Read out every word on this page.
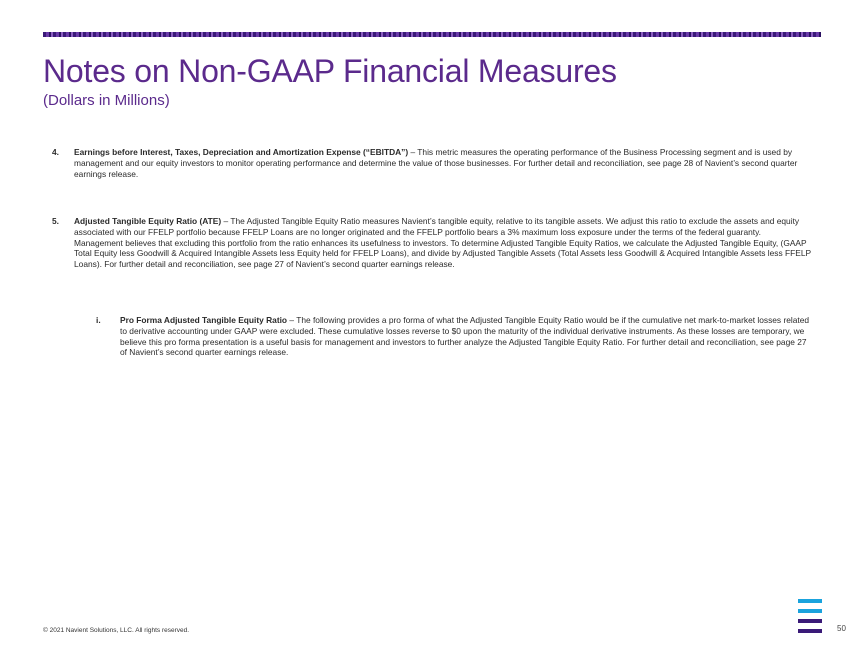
Notes on Non-GAAP Financial Measures
(Dollars in Millions)
4. Earnings before Interest, Taxes, Depreciation and Amortization Expense (“EBITDA”) – This metric measures the operating performance of the Business Processing segment and is used by management and our equity investors to monitor operating performance and determine the value of those businesses. For further detail and reconciliation, see page 28 of Navient’s second quarter earnings release.
5. Adjusted Tangible Equity Ratio (ATE) – The Adjusted Tangible Equity Ratio measures Navient’s tangible equity, relative to its tangible assets. We adjust this ratio to exclude the assets and equity associated with our FFELP portfolio because FFELP Loans are no longer originated and the FFELP portfolio bears a 3% maximum loss exposure under the terms of the federal guaranty. Management believes that excluding this portfolio from the ratio enhances its usefulness to investors. To determine Adjusted Tangible Equity Ratios, we calculate the Adjusted Tangible Equity, (GAAP Total Equity less Goodwill & Acquired Intangible Assets less Equity held for FFELP Loans), and divide by Adjusted Tangible Assets (Total Assets less Goodwill & Acquired Intangible Assets less FFELP Loans). For further detail and reconciliation, see page 27 of Navient’s second quarter earnings release.
i. Pro Forma Adjusted Tangible Equity Ratio – The following provides a pro forma of what the Adjusted Tangible Equity Ratio would be if the cumulative net mark-to-market losses related to derivative accounting under GAAP were excluded. These cumulative losses reverse to $0 upon the maturity of the individual derivative instruments. As these losses are temporary, we believe this pro forma presentation is a useful basis for management and investors to further analyze the Adjusted Tangible Equity Ratio. For further detail and reconciliation, see page 27 of Navient’s second quarter earnings release.
© 2021 Navient Solutions, LLC. All rights reserved.	50
